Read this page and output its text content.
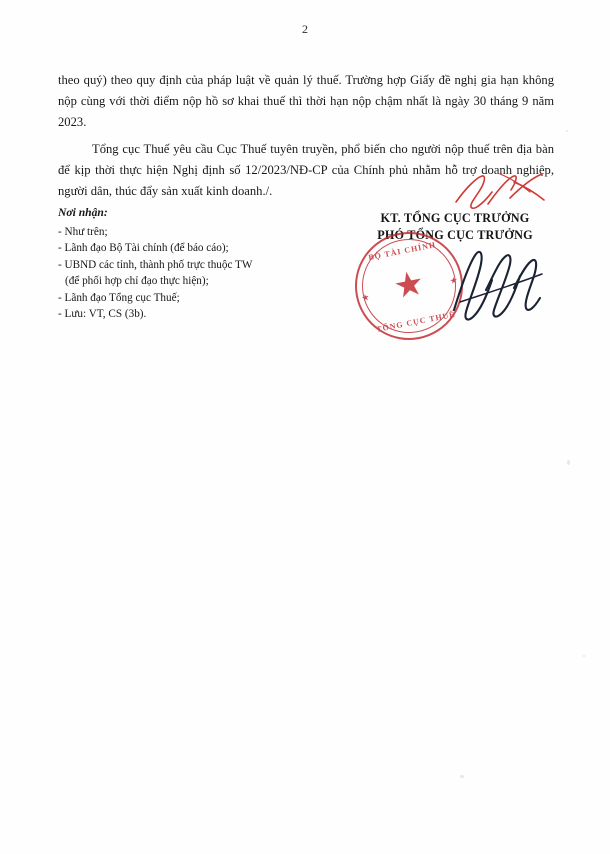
2

theo quý) theo quy định của pháp luật về quản lý thuế. Trường hợp Giấy đề nghị gia hạn không nộp cùng với thời điểm nộp hồ sơ khai thuế thì thời hạn nộp chậm nhất là ngày 30 tháng 9 năm 2023.

Tổng cục Thuế yêu cầu Cục Thuế tuyên truyền, phổ biến cho người nộp thuế trên địa bàn để kịp thời thực hiện Nghị định số 12/2023/NĐ-CP của Chính phủ nhằm hỗ trợ doanh nghiệp, người dân, thúc đẩy sản xuất kinh doanh./.

Nơi nhận:
- Như trên;
- Lãnh đạo Bộ Tài chính (để báo cáo);
- UBND các tỉnh, thành phố trực thuộc TW
(để phối hợp chỉ đạo thực hiện);
- Lãnh đạo Tổng cục Thuế;
- Lưu: VT, CS (3b).
KT. TỔNG CỤC TRƯỞNG
PHÓ TỔNG CỤC TRƯỞNG
BỘ TÀI CHÍNH
TỔNG CỤC THUẾ
★
★
★
